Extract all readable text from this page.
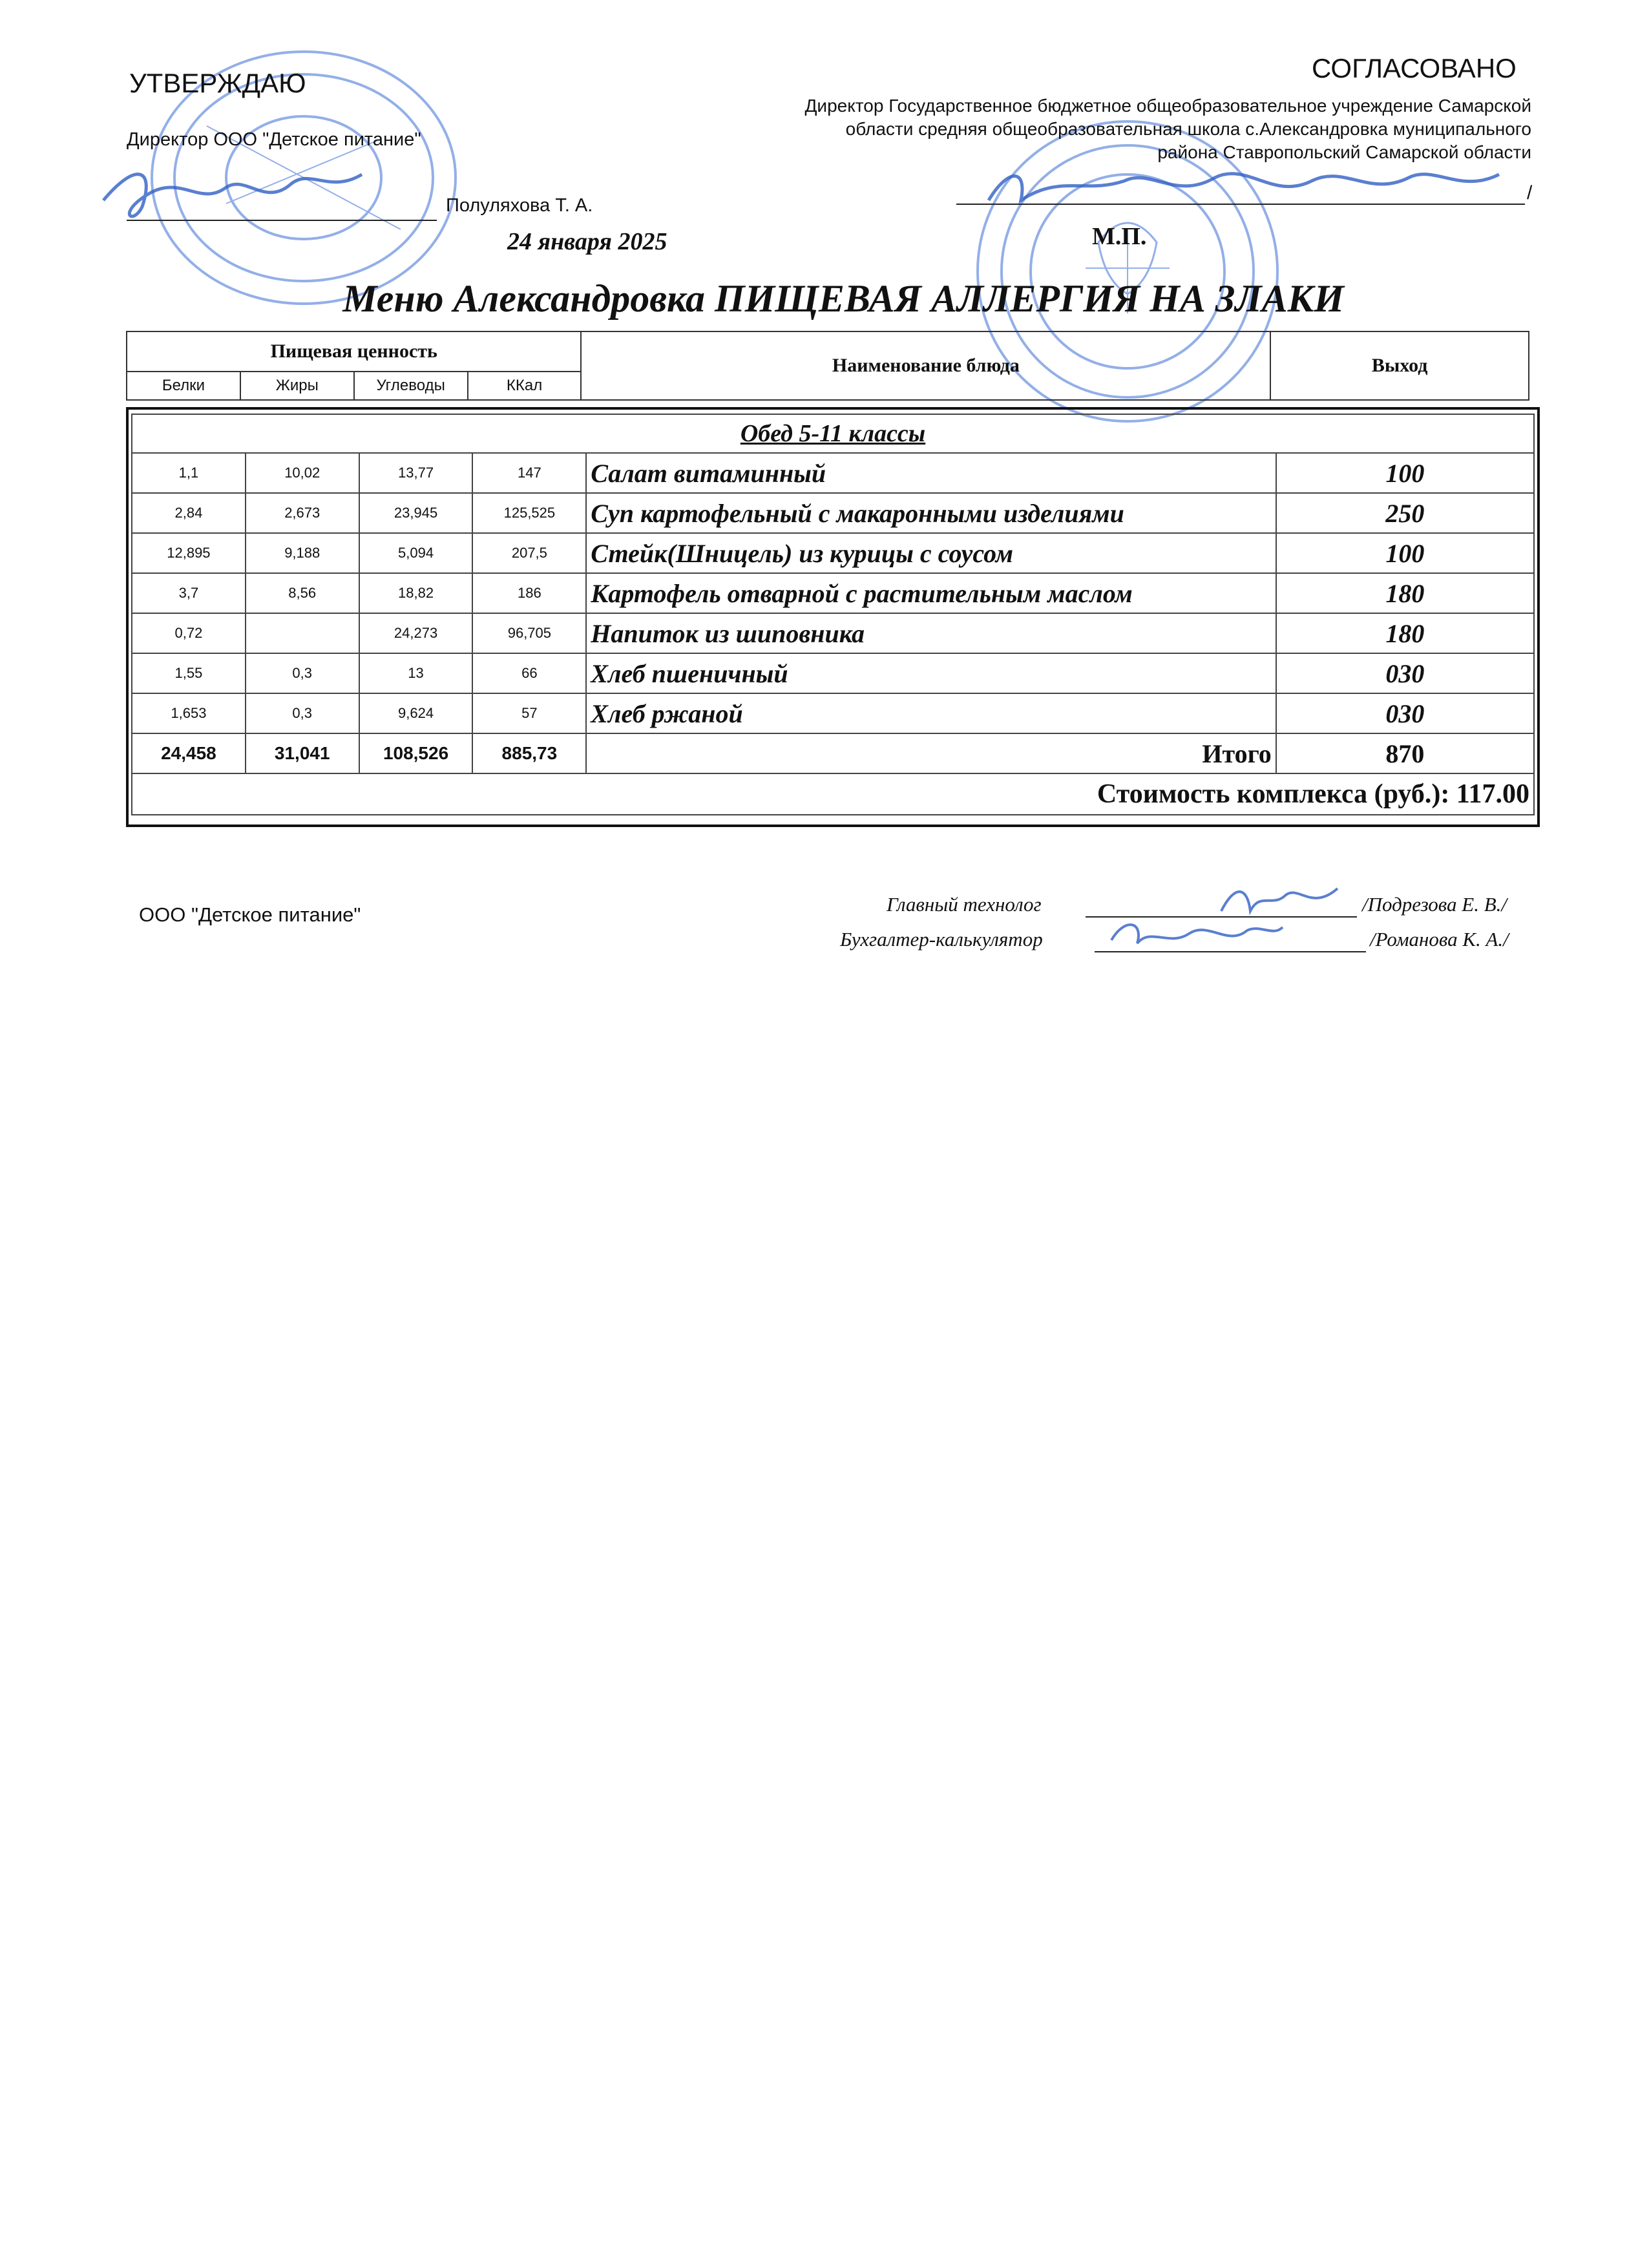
УТВЕРЖДАЮ
Директор ООО "Детское питание"
Полуляхова Т. А.
24 января 2025
СОГЛАСОВАНО
Директор Государственное бюджетное общеобразовательное учреждение Самарской
области средняя общеобразовательная школа с.Александровка муниципального
района Ставропольский Самарской области
/
М.П.
Меню Александровка ПИЩЕВАЯ АЛЛЕРГИЯ НА ЗЛАКИ
Пищевая ценность				Наименование блюда	Выход
Белки	Жиры	Углеводы	ККал		
Обед 5-11 классы					
1,1	10,02	13,77	147	Салат витаминный	100
2,84	2,673	23,945	125,525	Суп картофельный с макаронными изделиями	250
12,895	9,188	5,094	207,5	Стейк(Шницель) из курицы с соусом	100
3,7	8,56	18,82	186	Картофель отварной с растительным маслом	180
0,72		24,273	96,705	Напиток из шиповника	180
1,55	0,3	13	66	Хлеб пшеничный	030
1,653	0,3	9,624	57	Хлеб ржаной	030
24,458	31,041	108,526	885,73	Итого	870
Стоимость комплекса (руб.): 117.00					
ООО "Детское питание"	Главный технолог	/Подрезова Е. В./
Бухгалтер-калькулятор	/Романова К. А./
